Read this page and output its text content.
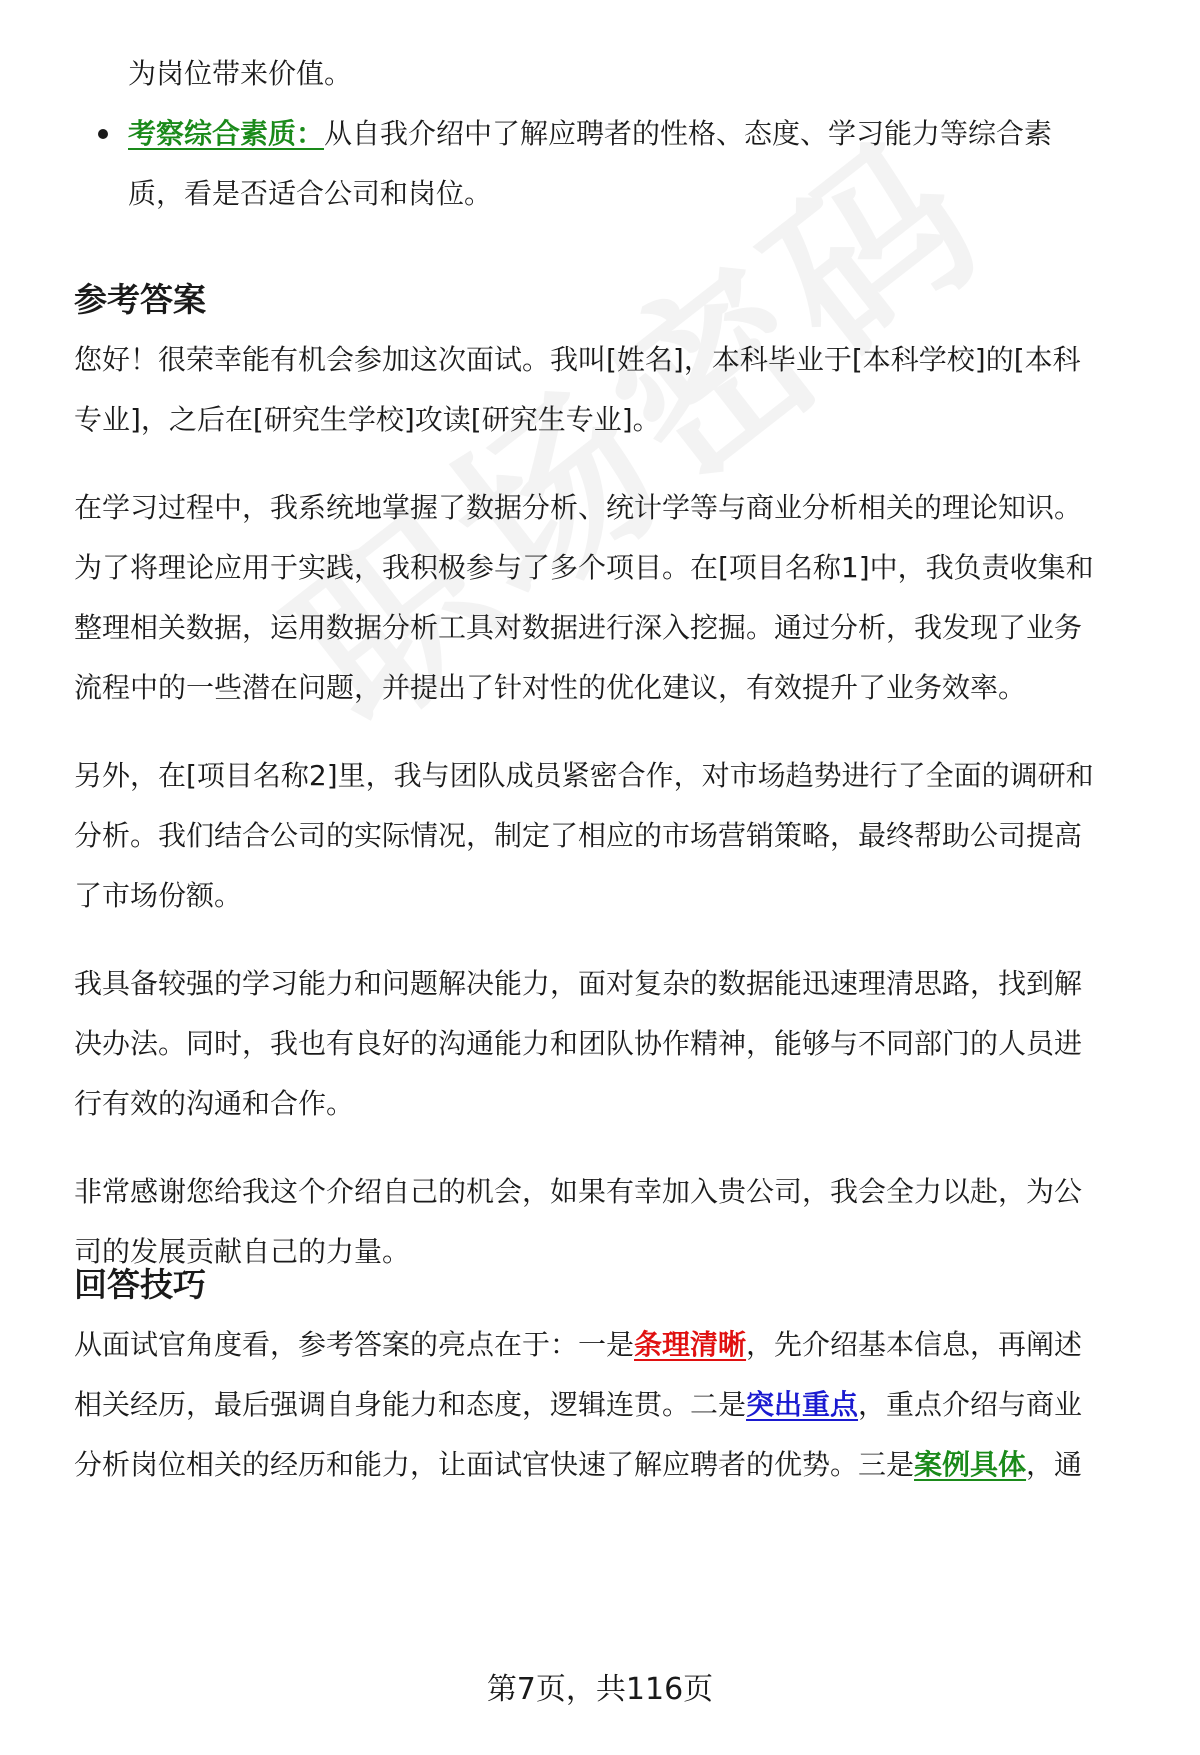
为岗位带来价值。
考察综合素质：从自我介绍中了解应聘者的性格、态度、学习能力等综合素
质，看是否适合公司和岗位。
参考答案
您好！很荣幸能有机会参加这次面试。我叫[姓名]，本科毕业于[本科学校]的[本科
专业]，之后在[研究生学校]攻读[研究生专业]。
在学习过程中，我系统地掌握了数据分析、统计学等与商业分析相关的理论知识。
为了将理论应用于实践，我积极参与了多个项目。在[项目名称1]中，我负责收集和
整理相关数据，运用数据分析工具对数据进行深入挖掘。通过分析，我发现了业务
流程中的一些潜在问题，并提出了针对性的优化建议，有效提升了业务效率。
另外，在[项目名称2]里，我与团队成员紧密合作，对市场趋势进行了全面的调研和
分析。我们结合公司的实际情况，制定了相应的市场营销策略，最终帮助公司提高
了市场份额。
我具备较强的学习能力和问题解决能力，面对复杂的数据能迅速理清思路，找到解
决办法。同时，我也有良好的沟通能力和团队协作精神，能够与不同部门的人员进
行有效的沟通和合作。
非常感谢您给我这个介绍自己的机会，如果有幸加入贵公司，我会全力以赴，为公
司的发展贡献自己的力量。
回答技巧
从面试官角度看，参考答案的亮点在于：一是条理清晰，先介绍基本信息，再阐述
相关经历，最后强调自身能力和态度，逻辑连贯。二是突出重点，重点介绍与商业
分析岗位相关的经历和能力，让面试官快速了解应聘者的优势。三是案例具体，通
第7页，共116页
